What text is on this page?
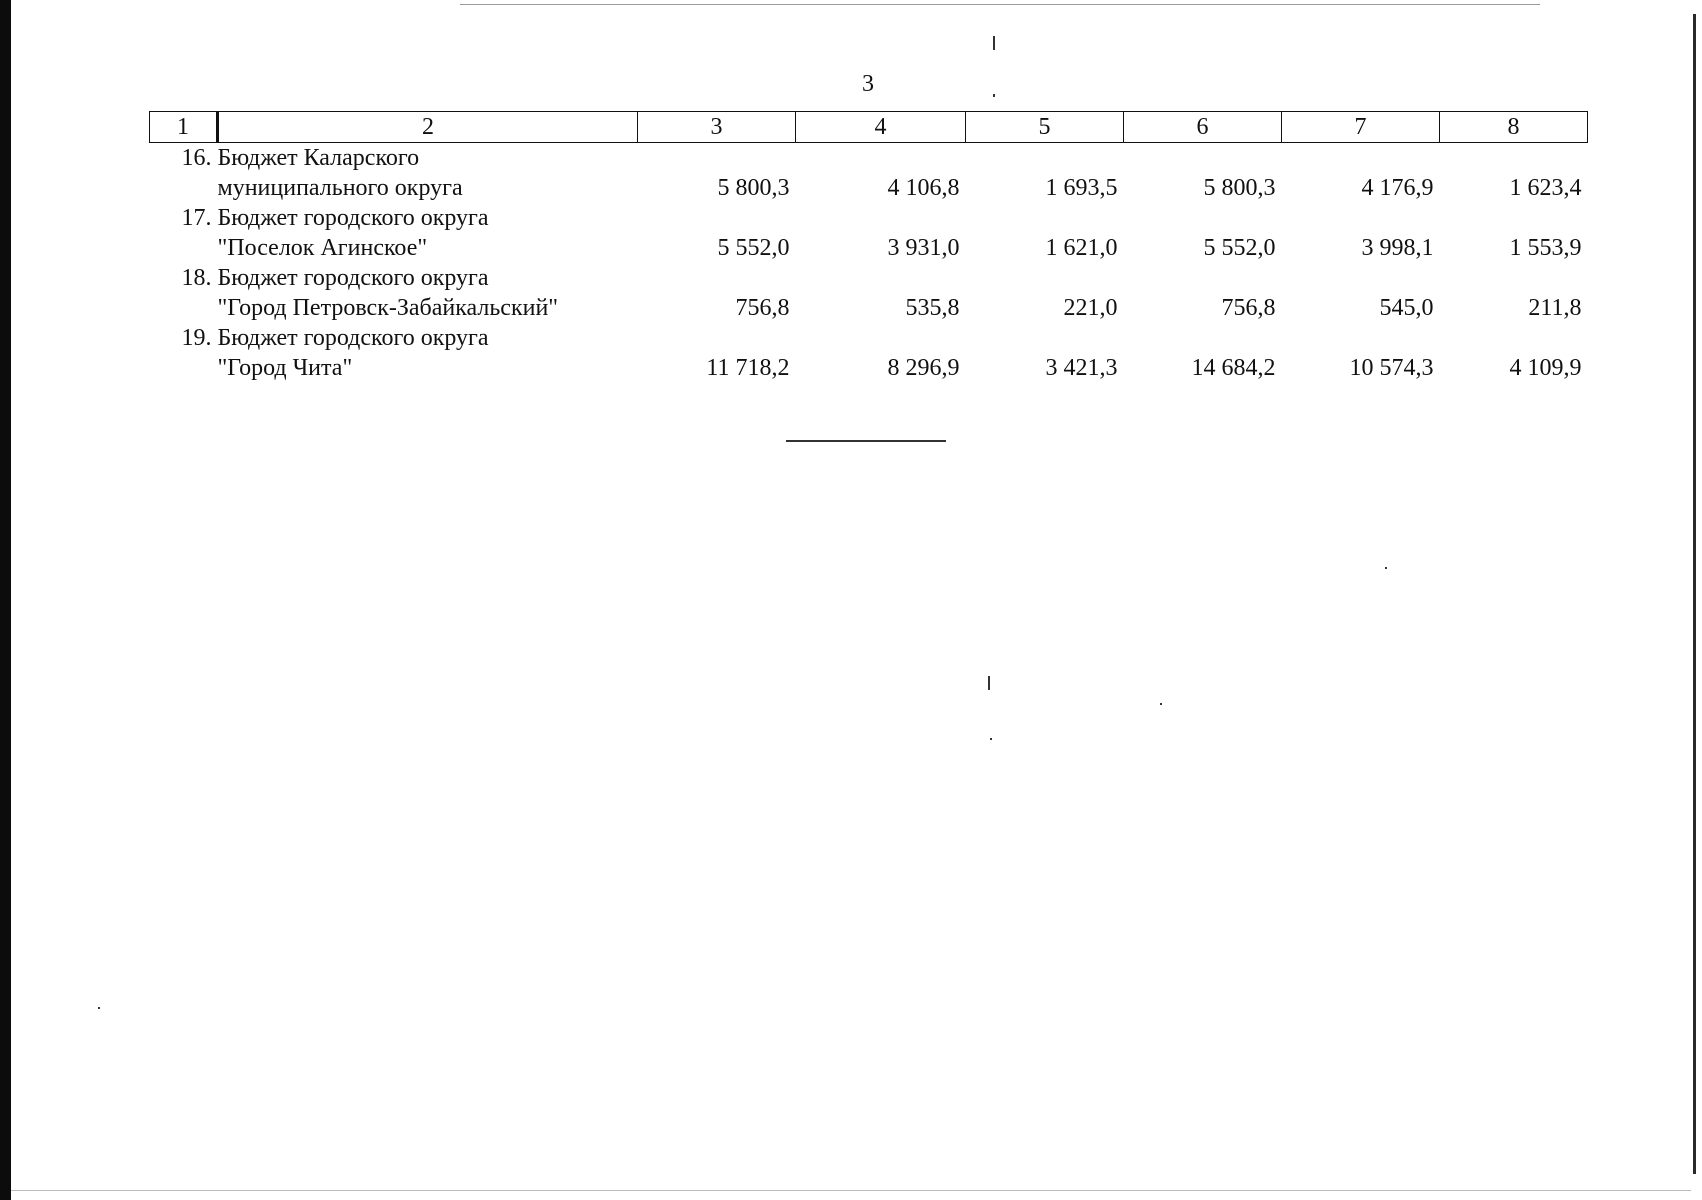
3
1	2	3	4	5	6	7	8
16.	Бюджет Каларского
муниципального округа	5 800,3	4 106,8	1 693,5	5 800,3	4 176,9	1 623,4
17.	Бюджет городского округа
"Поселок Агинское"	5 552,0	3 931,0	1 621,0	5 552,0	3 998,1	1 553,9
18.	Бюджет городского округа
"Город Петровск-Забайкальский"	756,8	535,8	221,0	756,8	545,0	211,8
19.	Бюджет городского округа
"Город Чита"	11 718,2	8 296,9	3 421,3	14 684,2	10 574,3	4 109,9
